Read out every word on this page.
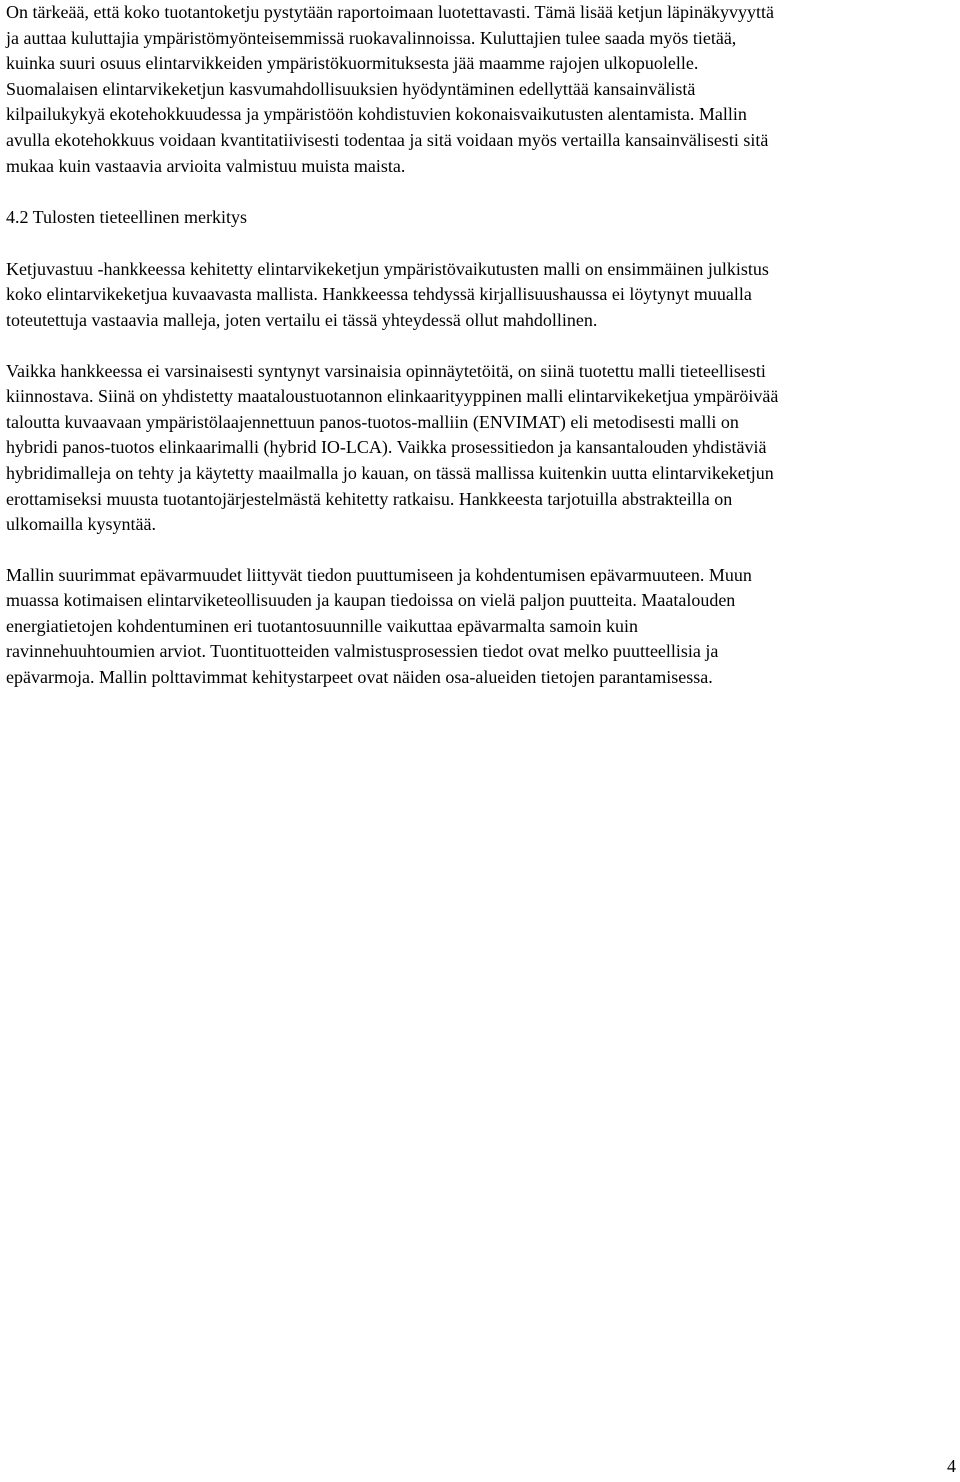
On tärkeää, että koko tuotantoketju pystytään raportoimaan luotettavasti. Tämä lisää ketjun läpinäkyvyyttä
ja auttaa kuluttajia ympäristömyönteisemmissä ruokavalinnoissa. Kuluttajien tulee saada myös tietää,
kuinka suuri osuus elintarvikkeiden ympäristökuormituksesta jää maamme rajojen ulkopuolelle.
Suomalaisen elintarvikeketjun kasvumahdollisuuksien hyödyntäminen edellyttää kansainvälistä
kilpailukykyä ekotehokkuudessa ja ympäristöön kohdistuvien kokonaisvaikutusten alentamista. Mallin
avulla ekotehokkuus voidaan kvantitatiivisesti todentaa ja sitä voidaan myös vertailla kansainvälisesti sitä
mukaa kuin vastaavia arvioita valmistuu muista maista.

4.2 Tulosten tieteellinen merkitys

Ketjuvastuu -hankkeessa kehitetty elintarvikeketjun ympäristövaikutusten malli on ensimmäinen julkistus
koko elintarvikeketjua kuvaavasta mallista. Hankkeessa tehdyssä kirjallisuushaussa ei löytynyt muualla
toteutettuja vastaavia malleja, joten vertailu ei tässä yhteydessä ollut mahdollinen.

Vaikka hankkeessa ei varsinaisesti syntynyt varsinaisia opinnäytetöitä, on siinä tuotettu malli tieteellisesti
kiinnostava. Siinä on yhdistetty maataloustuotannon elinkaarityyppinen malli elintarvikeketjua ympäröivää
taloutta kuvaavaan ympäristölaajennettuun panos-tuotos-malliin (ENVIMAT) eli metodisesti malli on
hybridi panos-tuotos elinkaarimalli (hybrid IO-LCA). Vaikka prosessitiedon ja kansantalouden yhdistäviä
hybridimalleja on tehty ja käytetty maailmalla jo kauan, on tässä mallissa kuitenkin uutta elintarvikeketjun
erottamiseksi muusta tuotantojärjestelmästä kehitetty ratkaisu. Hankkeesta tarjotuilla abstrakteilla on
ulkomailla kysyntää.

Mallin suurimmat epävarmuudet liittyvät tiedon puuttumiseen ja kohdentumisen epävarmuuteen. Muun
muassa kotimaisen elintarviketeollisuuden ja kaupan tiedoissa on vielä paljon puutteita. Maatalouden
energiatietojen kohdentuminen eri tuotantosuunnille vaikuttaa epävarmalta samoin kuin
ravinnehuuhtoumien arviot. Tuontituotteiden valmistusprosessien tiedot ovat melko puutteellisia ja
epävarmoja. Mallin polttavimmat kehitystarpeet ovat näiden osa-alueiden tietojen parantamisessa.

4
